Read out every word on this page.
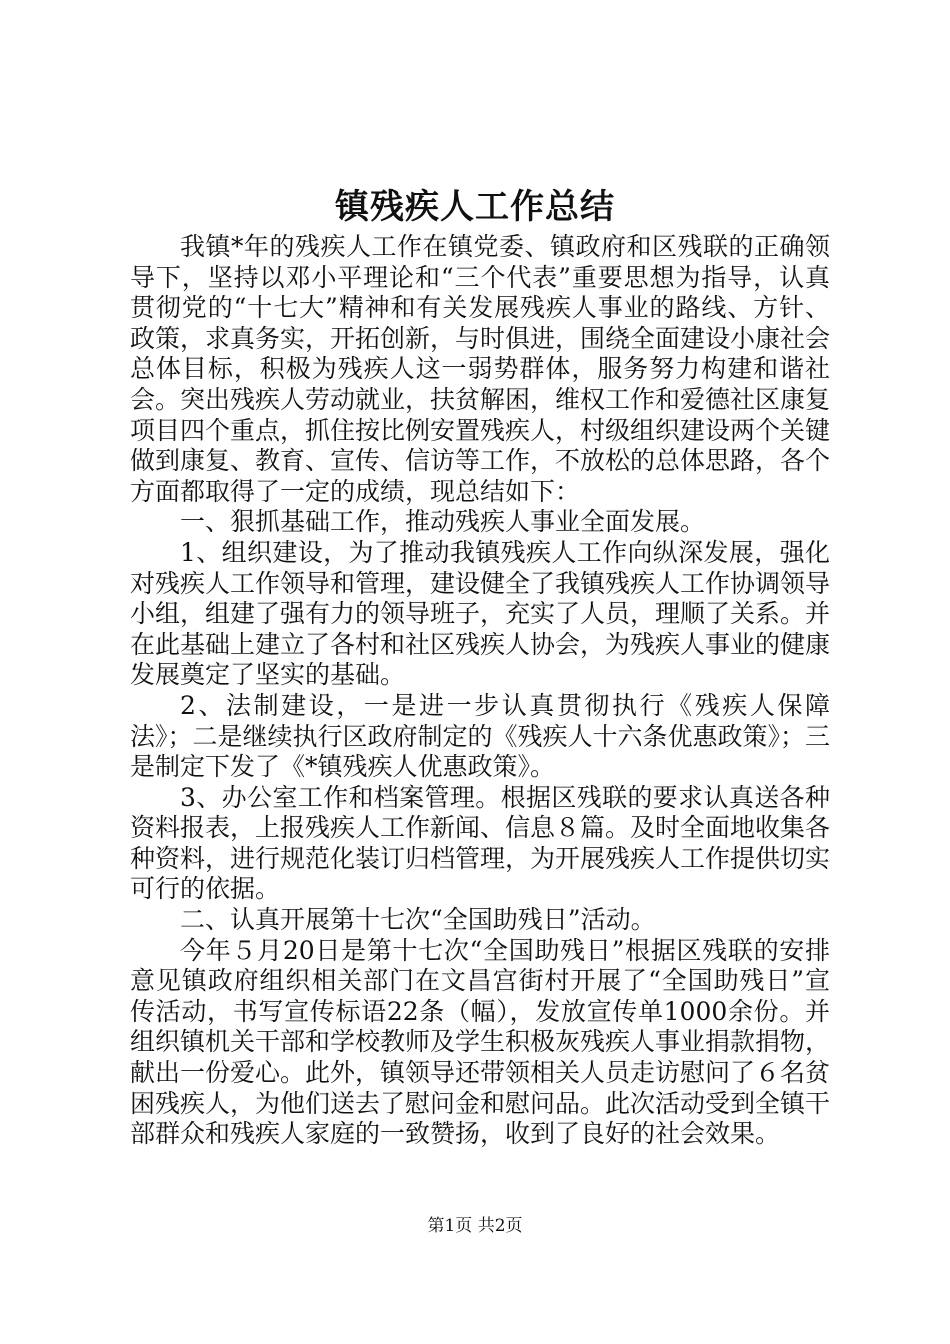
镇残疾人工作总结

我镇*年的残疾人工作在镇党委、镇政府和区残联的正确领导下，坚持以邓小平理论和“三个代表”重要思想为指导，认真贯彻党的“十七大”精神和有关发展残疾人事业的路线、方针、政策，求真务实，开拓创新，与时俱进，围绕全面建设小康社会总体目标，积极为残疾人这一弱势群体，服务努力构建和谐社会。突出残疾人劳动就业，扶贫解困，维权工作和爱德社区康复项目四个重点，抓住按比例安置残疾人，村级组织建设两个关键做到康复、教育、宣传、信访等工作，不放松的总体思路，各个方面都取得了一定的成绩，现总结如下：

一、狠抓基础工作，推动残疾人事业全面发展。

1、组织建设，为了推动我镇残疾人工作向纵深发展，强化对残疾人工作领导和管理，建设健全了我镇残疾人工作协调领导小组，组建了强有力的领导班子，充实了人员，理顺了关系。并在此基础上建立了各村和社区残疾人协会，为残疾人事业的健康发展奠定了坚实的基础。

2、法制建设，一是进一步认真贯彻执行《残疾人保障法》；二是继续执行区政府制定的《残疾人十六条优惠政策》；三是制定下发了《*镇残疾人优惠政策》。

3、办公室工作和档案管理。根据区残联的要求认真送各种资料报表，上报残疾人工作新闻、信息８篇。及时全面地收集各种资料，进行规范化装订归档管理，为开展残疾人工作提供切实可行的依据。

二、认真开展第十七次“全国助残日”活动。

今年５月20日是第十七次“全国助残日”根据区残联的安排意见镇政府组织相关部门在文昌宫街村开展了“全国助残日”宣传活动，书写宣传标语22条（幅），发放宣传单1000余份。并组织镇机关干部和学校教师及学生积极灰残疾人事业捐款捐物，献出一份爱心。此外，镇领导还带领相关人员走访慰问了６名贫困残疾人，为他们送去了慰问金和慰问品。此次活动受到全镇干部群众和残疾人家庭的一致赞扬，收到了良好的社会效果。

第1页 共2页
